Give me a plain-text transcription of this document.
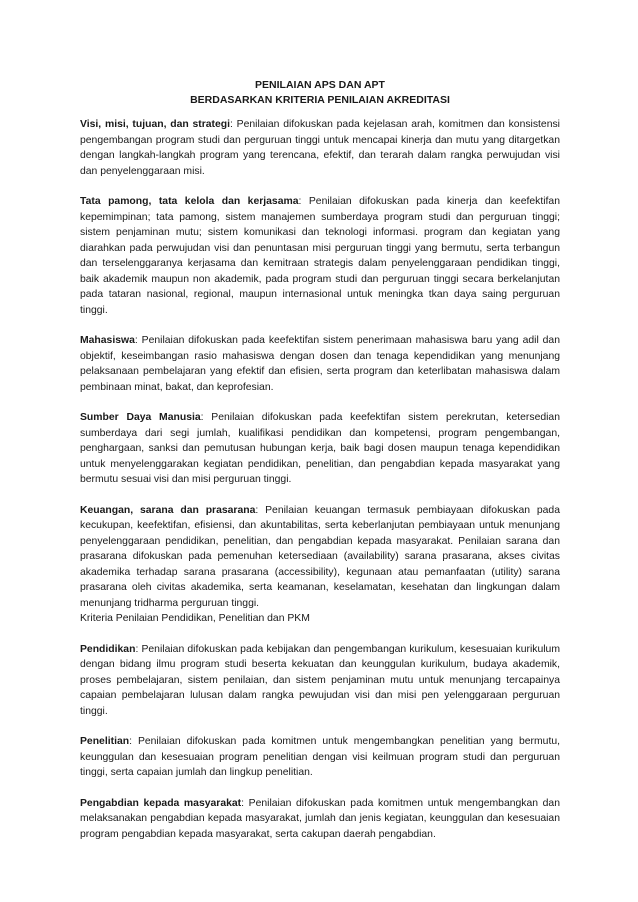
PENILAIAN APS DAN APT
BERDASARKAN KRITERIA PENILAIAN AKREDITASI

Visi, misi, tujuan, dan strategi: Penilaian difokuskan pada kejelasan arah, komitmen dan konsistensi pengembangan program studi dan perguruan tinggi untuk mencapai kinerja dan mutu yang ditargetkan dengan langkah-langkah program yang terencana, efektif, dan terarah dalam rangka perwujudan visi dan penyelenggaraan misi.

Tata pamong, tata kelola dan kerjasama: Penilaian difokuskan pada kinerja dan keefektifan kepemimpinan; tata pamong, sistem manajemen sumberdaya program studi dan perguruan tinggi; sistem penjaminan mutu; sistem komunikasi dan teknologi informasi. program dan kegiatan yang diarahkan pada perwujudan visi dan penuntasan misi perguruan tinggi yang bermutu, serta terbangun dan terselenggaranya kerjasama dan kemitraan strategis dalam penyelenggaraan pendidikan tinggi, baik akademik maupun non akademik, pada program studi dan perguruan tinggi secara berkelanjutan pada tataran nasional, regional, maupun internasional untuk meningka tkan daya saing perguruan tinggi.

Mahasiswa: Penilaian difokuskan pada keefektifan sistem penerimaan mahasiswa baru yang adil dan objektif, keseimbangan rasio mahasiswa dengan dosen dan tenaga kependidikan yang menunjang pelaksanaan pembelajaran yang efektif dan efisien, serta program dan keterlibatan mahasiswa dalam pembinaan minat, bakat, dan keprofesian.

Sumber Daya Manusia: Penilaian difokuskan pada keefektifan sistem perekrutan, ketersedian sumberdaya dari segi jumlah, kualifikasi pendidikan dan kompetensi, program pengembangan, penghargaan, sanksi dan pemutusan hubungan kerja, baik bagi dosen maupun tenaga kependidikan untuk menyelenggarakan kegiatan pendidikan, penelitian, dan pengabdian kepada masyarakat yang bermutu sesuai visi dan misi perguruan tinggi.

Keuangan, sarana dan prasarana: Penilaian keuangan termasuk pembiayaan difokuskan pada kecukupan, keefektifan, efisiensi, dan akuntabilitas, serta keberlanjutan pembiayaan untuk menunjang penyelenggaraan pendidikan, penelitian, dan pengabdian kepada masyarakat. Penilaian sarana dan prasarana difokuskan pada pemenuhan ketersediaan (availability) sarana prasarana, akses civitas akademika terhadap sarana prasarana (accessibility), kegunaan atau pemanfaatan (utility) sarana prasarana oleh civitas akademika, serta keamanan, keselamatan, kesehatan dan lingkungan dalam menunjang tridharma perguruan tinggi.

Kriteria Penilaian Pendidikan, Penelitian dan PKM

Pendidikan: Penilaian difokuskan pada kebijakan dan pengembangan kurikulum, kesesuaian kurikulum dengan bidang ilmu program studi beserta kekuatan dan keunggulan kurikulum, budaya akademik, proses pembelajaran, sistem penilaian, dan sistem penjaminan mutu untuk menunjang tercapainya capaian pembelajaran lulusan dalam rangka pewujudan visi dan misi pen yelenggaraan perguruan tinggi.

Penelitian: Penilaian difokuskan pada komitmen untuk mengembangkan penelitian yang bermutu, keunggulan dan kesesuaian program penelitian dengan visi keilmuan program studi dan perguruan tinggi, serta capaian jumlah dan lingkup penelitian.

Pengabdian kepada masyarakat: Penilaian difokuskan pada komitmen untuk mengembangkan dan melaksanakan pengabdian kepada masyarakat, jumlah dan jenis kegiatan, keunggulan dan kesesuaian program pengabdian kepada masyarakat, serta cakupan daerah pengabdian.
